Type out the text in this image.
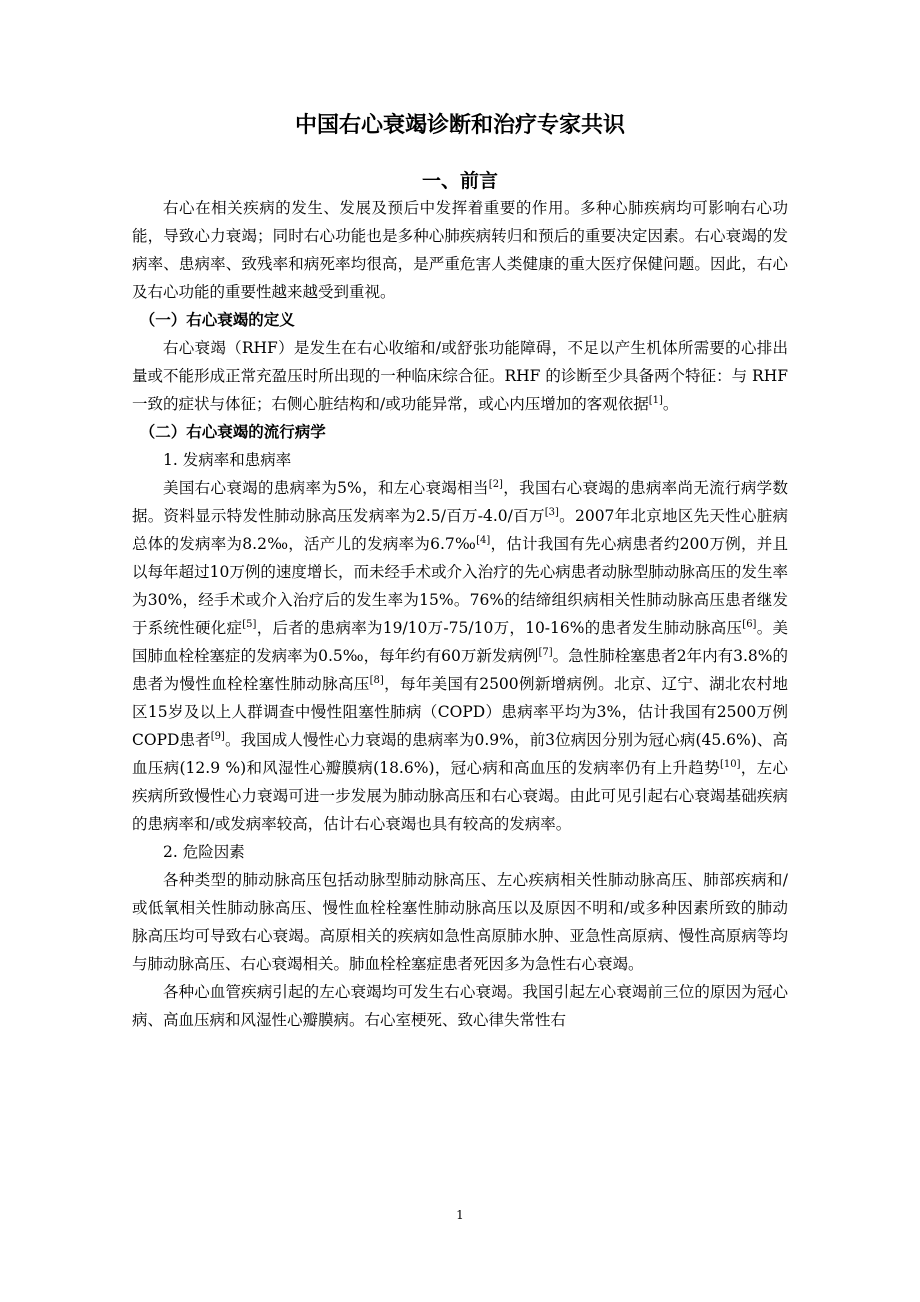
中国右心衰竭诊断和治疗专家共识
一、前言

右心在相关疾病的发生、发展及预后中发挥着重要的作用。多种心肺疾病均可影响右心功能，导致心力衰竭；同时右心功能也是多种心肺疾病转归和预后的重要决定因素。右心衰竭的发病率、患病率、致残率和病死率均很高，是严重危害人类健康的重大医疗保健问题。因此，右心及右心功能的重要性越来越受到重视。

（一）右心衰竭的定义

右心衰竭（RHF）是发生在右心收缩和/或舒张功能障碍，不足以产生机体所需要的心排出量或不能形成正常充盈压时所出现的一种临床综合征。RHF 的诊断至少具备两个特征：与 RHF 一致的症状与体征；右侧心脏结构和/或功能异常，或心内压增加的客观依据[1]。

（二）右心衰竭的流行病学

1. 发病率和患病率

美国右心衰竭的患病率为5%，和左心衰竭相当[2]，我国右心衰竭的患病率尚无流行病学数据。资料显示特发性肺动脉高压发病率为2.5/百万-4.0/百万[3]。2007年北京地区先天性心脏病总体的发病率为8.2‰，活产儿的发病率为6.7‰[4]，估计我国有先心病患者约200万例，并且以每年超过10万例的速度增长，而未经手术或介入治疗的先心病患者动脉型肺动脉高压的发生率为30%，经手术或介入治疗后的发生率为15%。76%的结缔组织病相关性肺动脉高压患者继发于系统性硬化症[5]，后者的患病率为19/10万-75/10万，10-16%的患者发生肺动脉高压[6]。美国肺血栓栓塞症的发病率为0.5‰，每年约有60万新发病例[7]。急性肺栓塞患者2年内有3.8%的患者为慢性血栓栓塞性肺动脉高压[8]，每年美国有2500例新增病例。北京、辽宁、湖北农村地区15岁及以上人群调查中慢性阻塞性肺病（COPD）患病率平均为3%，估计我国有2500万例COPD患者[9]。我国成人慢性心力衰竭的患病率为0.9%，前3位病因分别为冠心病(45.6%)、高血压病(12.9 %)和风湿性心瓣膜病(18.6%)，冠心病和高血压的发病率仍有上升趋势[10]，左心疾病所致慢性心力衰竭可进一步发展为肺动脉高压和右心衰竭。由此可见引起右心衰竭基础疾病的患病率和/或发病率较高，估计右心衰竭也具有较高的发病率。

2. 危险因素

各种类型的肺动脉高压包括动脉型肺动脉高压、左心疾病相关性肺动脉高压、肺部疾病和/或低氧相关性肺动脉高压、慢性血栓栓塞性肺动脉高压以及原因不明和/或多种因素所致的肺动脉高压均可导致右心衰竭。高原相关的疾病如急性高原肺水肿、亚急性高原病、慢性高原病等均与肺动脉高压、右心衰竭相关。肺血栓栓塞症患者死因多为急性右心衰竭。

各种心血管疾病引起的左心衰竭均可发生右心衰竭。我国引起左心衰竭前三位的原因为冠心病、高血压病和风湿性心瓣膜病。右心室梗死、致心律失常性右

1
